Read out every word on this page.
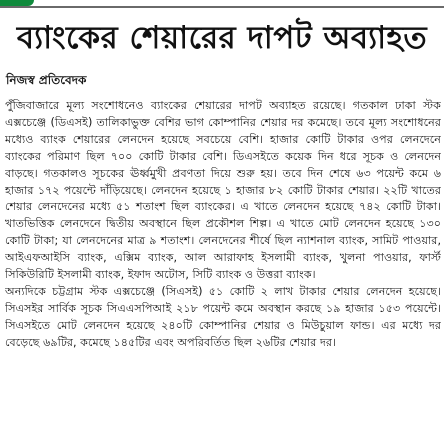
ব্যাংকের শেয়ারের দাপট অব্যাহত
নিজস্ব প্রতিবেদক

পুঁজিবাজারে মূল্য সংশোধনেও ব্যাংকের শেয়ারের দাপট অব্যাহত রয়েছে। গতকাল ঢাকা স্টক এক্সচেঞ্জে (ডিএসই) তালিকাভুক্ত বেশির ভাগ কোম্পানির শেয়ার দর কমেছে। তবে মূল্য সংশোধনের মধ্যেও ব্যাংক শেয়ারের লেনদেন হয়েছে সবচেয়ে বেশি। হাজার কোটি টাকার ওপর লেনদেনে ব্যাংকের পরিমাণ ছিল ৭০০ কোটি টাকার বেশি। ডিএসইতে কয়েক দিন ধরে সূচক ও লেনদেন বাড়ছে। গতকালও সূচকের ঊর্ধ্বমুখী প্রবণতা দিয়ে শুরু হয়। তবে দিন শেষে ৬৩ পয়েন্ট কমে ৬ হাজার ১৭২ পয়েন্টে দাঁড়িয়েছে। লেনদেন হয়েছে ১ হাজার ৮২ কোটি টাকার শেয়ার। ২২টি খাতের শেয়ার লেনদেনের মধ্যে ৫১ শতাংশ ছিল ব্যাংকের। এ খাতে লেনদেন হয়েছে ৭৪২ কোটি টাকা। খাতভিত্তিক লেনদেনে দ্বিতীয় অবস্থানে ছিল প্রকৌশল শিল্প। এ খাতে মোট লেনদেন হয়েছে ১৩০ কোটি টাকা; যা লেনদেনের মাত্র ৯ শতাংশ। লেনদেনের শীর্ষে ছিল ন্যাশনাল ব্যাংক, সামিট পাওয়ার, আইএফআইসি ব্যাংক, এক্সিম ব্যাংক, আল আরাফাহ ইসলামী ব্যাংক, খুলনা পাওয়ার, ফার্স্ট সিকিউরিটি ইসলামী ব্যাংক, ইফাদ অটোস, সিটি ব্যাংক ও উত্তরা ব্যাংক।

অন্যদিকে চট্টগ্রাম স্টক এক্সচেঞ্জে (সিএসই) ৫১ কোটি ২ লাখ টাকার শেয়ার লেনদেন হয়েছে। সিএসইর সার্বিক সূচক সিএএসপিআই ২১৮ পয়েন্ট কমে অবস্থান করছে ১৯ হাজার ১৫৩ পয়েন্টে। সিএসইতে মোট লেনদেন হয়েছে ২৪০টি কোম্পানির শেয়ার ও মিউচুয়াল ফান্ড। এর মধ্যে দর বেড়েছে ৬৯টির, কমেছে ১৪৫টির এবং অপরিবর্তিত ছিল ২৬টির শেয়ার দর।
